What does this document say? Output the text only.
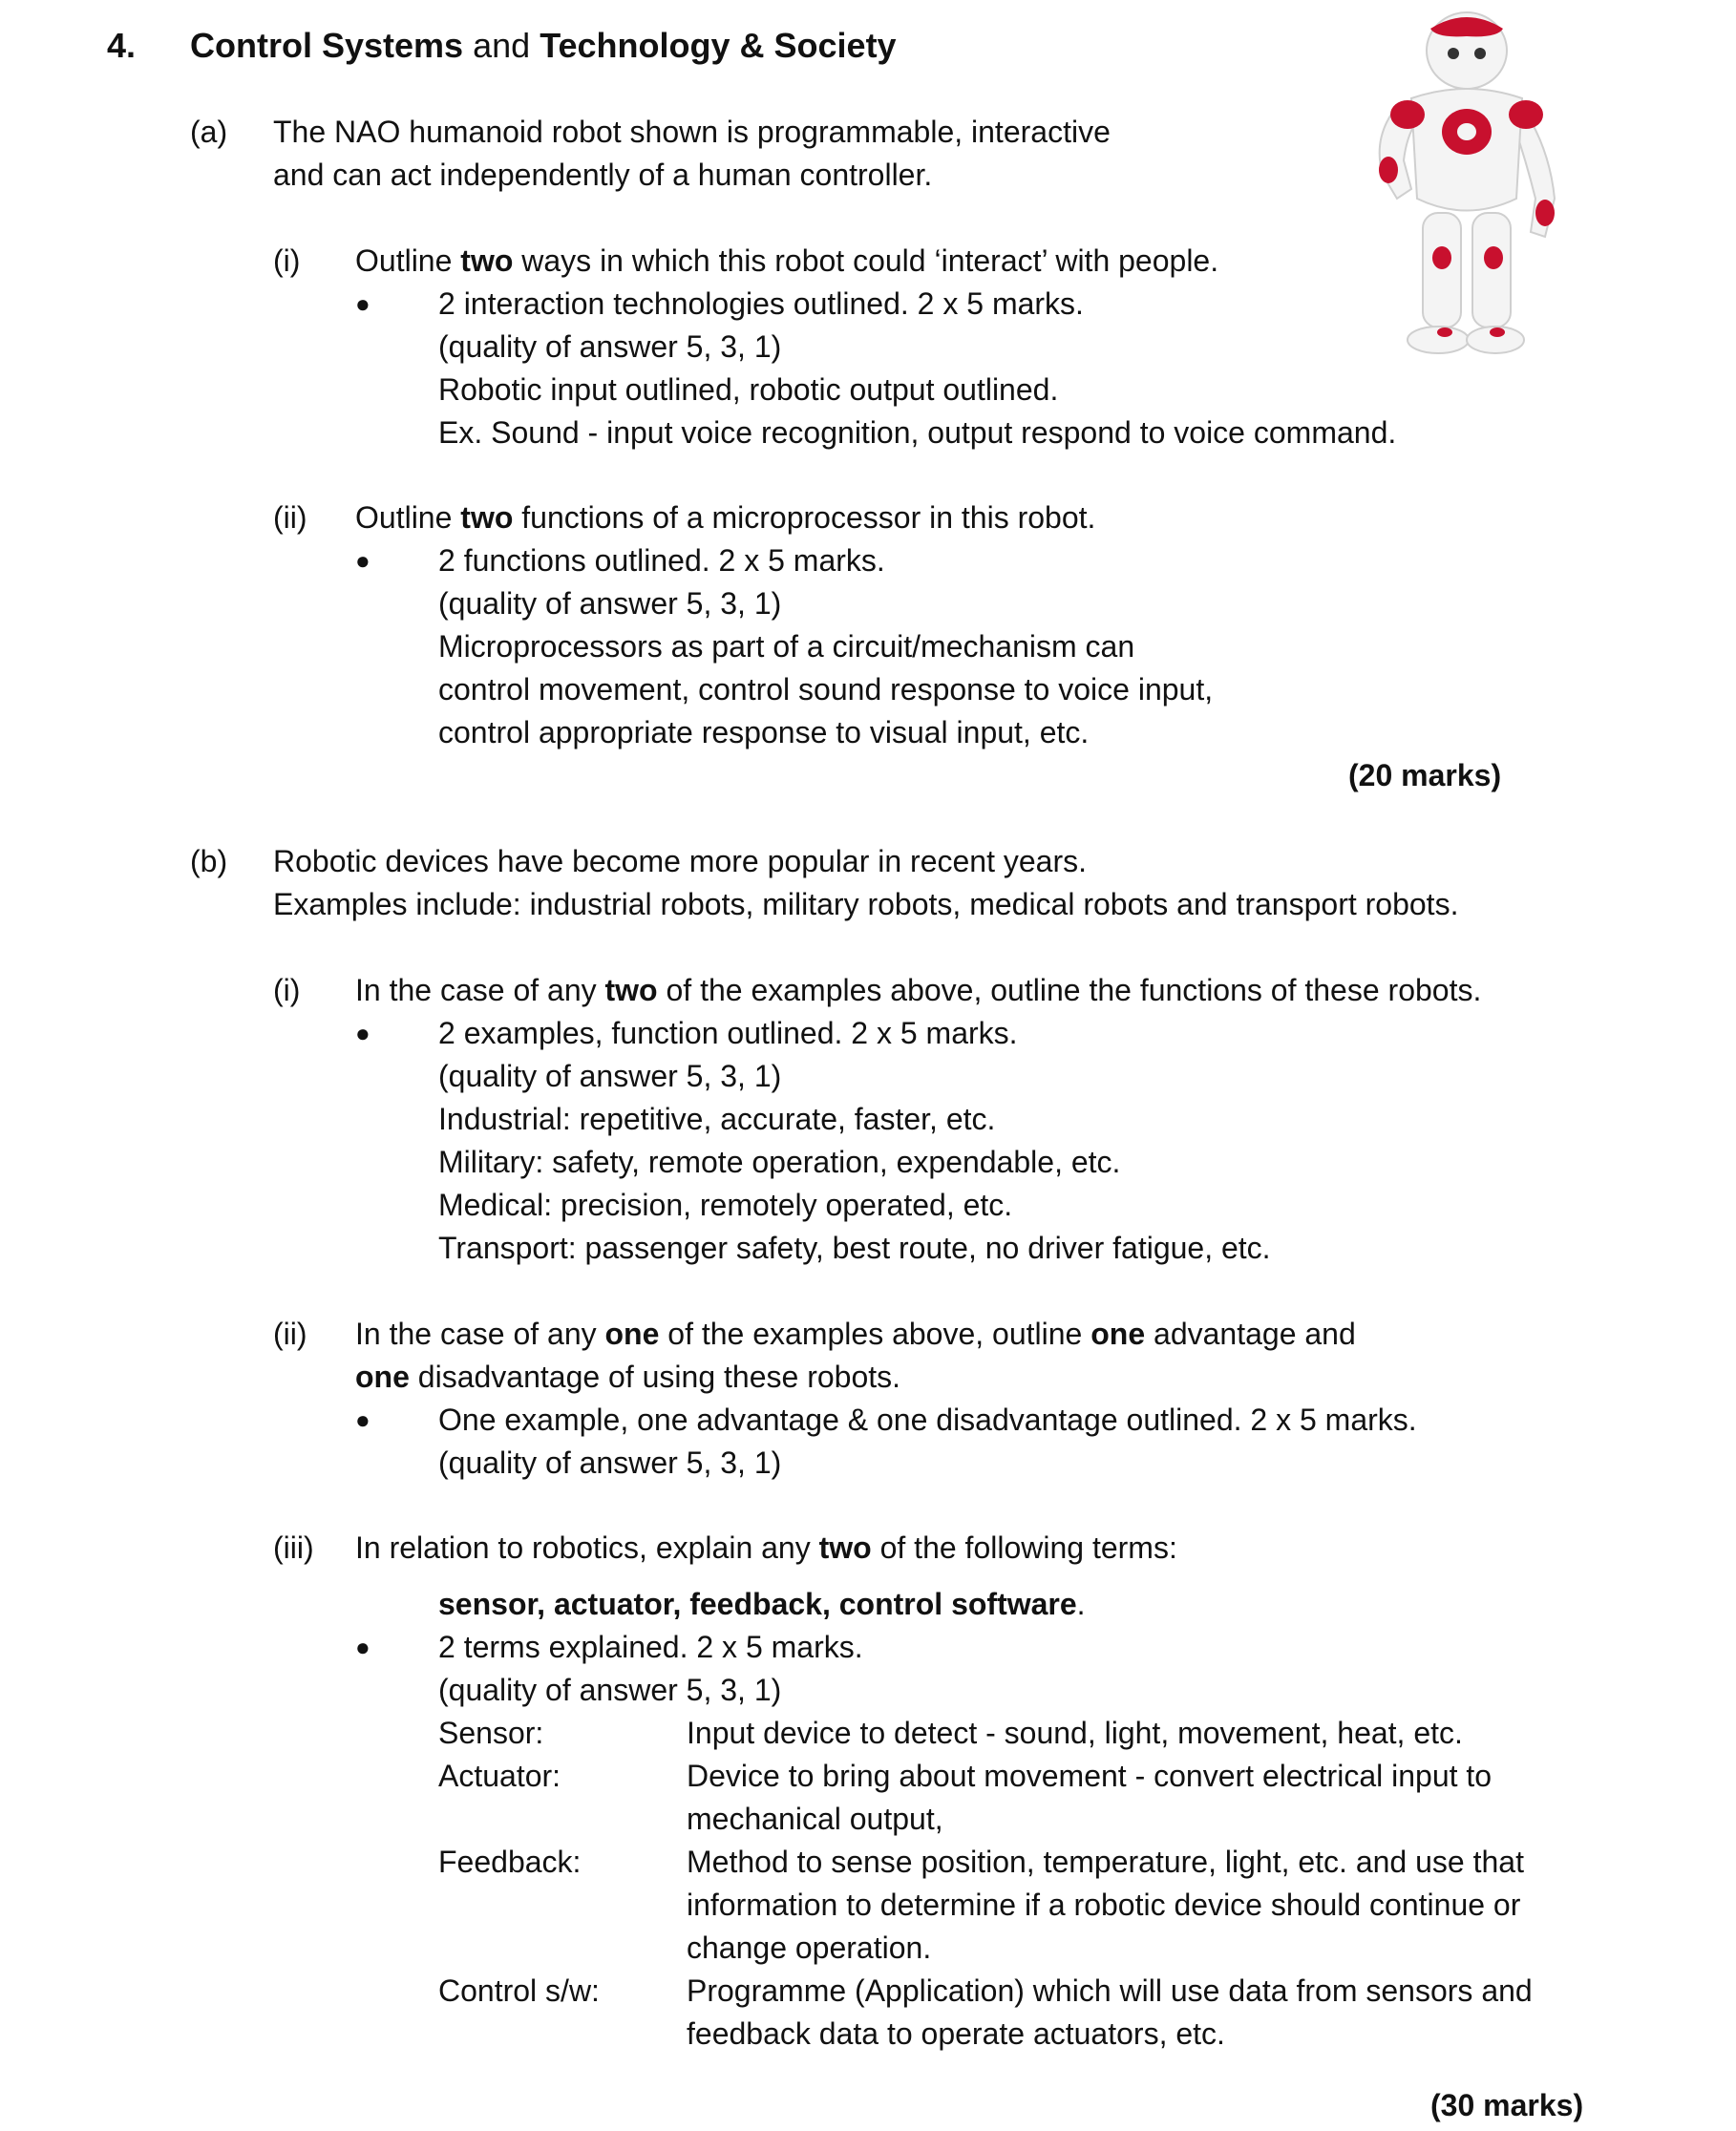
4. Control Systems and Technology & Society
(a) The NAO humanoid robot shown is programmable, interactive
and can act independently of a human controller.
(i) Outline two ways in which this robot could ‘interact’ with people.
● 2 interaction technologies outlined. 2 x 5 marks.
(quality of answer 5, 3, 1)
Robotic input outlined, robotic output outlined.
Ex. Sound - input voice recognition, output respond to voice command.
(ii) Outline two functions of a microprocessor in this robot.
● 2 functions outlined. 2 x 5 marks.
(quality of answer 5, 3, 1)
Microprocessors as part of a circuit/mechanism can
control movement, control sound response to voice input,
control appropriate response to visual input, etc.
(20 marks)
(b) Robotic devices have become more popular in recent years.
Examples include: industrial robots, military robots, medical robots and transport robots.
(i) In the case of any two of the examples above, outline the functions of these robots.
● 2 examples, function outlined. 2 x 5 marks.
(quality of answer 5, 3, 1)
Industrial: repetitive, accurate, faster, etc.
Military: safety, remote operation, expendable, etc.
Medical: precision, remotely operated, etc.
Transport: passenger safety, best route, no driver fatigue, etc.
(ii) In the case of any one of the examples above, outline one advantage and
one disadvantage of using these robots.
● One example, one advantage & one disadvantage outlined. 2 x 5 marks.
(quality of answer 5, 3, 1)
(iii) In relation to robotics, explain any two of the following terms:
sensor, actuator, feedback, control software.
● 2 terms explained. 2 x 5 marks.
(quality of answer 5, 3, 1)
Sensor:	Input device to detect - sound, light, movement, heat, etc.
Actuator:	Device to bring about movement - convert electrical input to
mechanical output,
Feedback:	Method to sense position, temperature, light, etc. and use that
information to determine if a robotic device should continue or
change operation.
Control s/w:	Programme (Application) which will use data from sensors and
feedback data to operate actuators, etc.
(30 marks)
